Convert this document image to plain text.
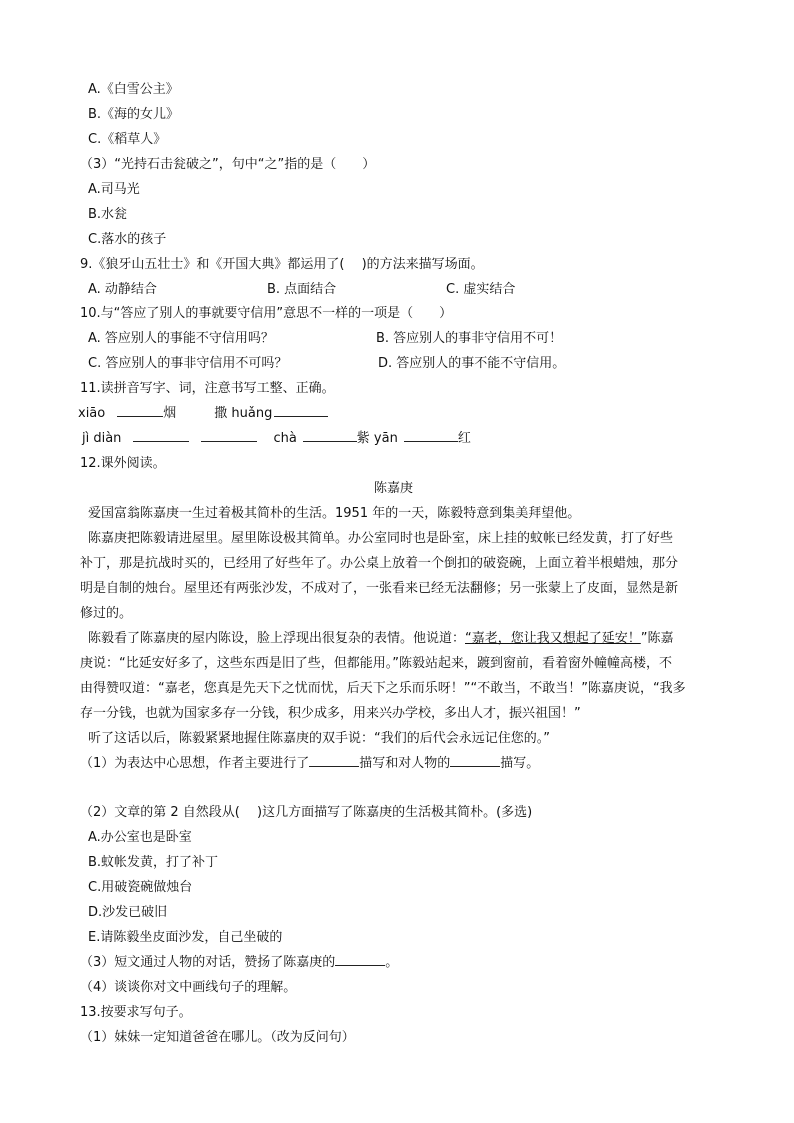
A.《白雪公主》
B.《海的女儿》
C.《稻草人》
（3）“光持石击瓮破之”，句中“之”指的是（　　）
A.司马光
B.水瓮
C.落水的孩子
9.《狼牙山五壮士》和《开国大典》都运用了(　 )的方法来描写场面。
A. 动静结合	B. 点面结合	C. 虚实结合
10.与“答应了别人的事就要守信用”意思不一样的一项是（　　）
A. 答应别人的事能不守信用吗？	B. 答应别人的事非守信用不可！
C. 答应别人的事非守信用不可吗？	D. 答应别人的事不能不守信用。
11.读拼音写字、词，注意书写工整、正确。
xiāo	烟	撒 huǎng
jì diàn	chà	紫 yān	红
12.课外阅读。
陈嘉庚
爱国富翁陈嘉庚一生过着极其简朴的生活。1951 年的一天，陈毅特意到集美拜望他。
陈嘉庚把陈毅请进屋里。屋里陈设极其简单。办公室同时也是卧室，床上挂的蚊帐已经发黄，打了好些
补丁，那是抗战时买的，已经用了好些年了。办公桌上放着一个倒扣的破瓷碗，上面立着半根蜡烛，那分
明是自制的烛台。屋里还有两张沙发，不成对了，一张看来已经无法翻修；另一张蒙上了皮面，显然是新
修过的。
陈毅看了陈嘉庚的屋内陈设，脸上浮现出很复杂的表情。他说道：“嘉老，您让我又想起了延安！”陈嘉
庚说：“比延安好多了，这些东西是旧了些，但都能用。”陈毅站起来，踱到窗前，看着窗外幢幢高楼，不
由得赞叹道：“嘉老，您真是先天下之忧而忧，后天下之乐而乐呀！”“不敢当，不敢当！”陈嘉庚说，“我多
存一分钱，也就为国家多存一分钱，积少成多，用来兴办学校，多出人才，振兴祖国！”
听了这话以后，陈毅紧紧地握住陈嘉庚的双手说：“我们的后代会永远记住您的。”
（1）为表达中心思想，作者主要进行了	描写和对人物的	描写。
（2）文章的第 2 自然段从(　 )这几方面描写了陈嘉庚的生活极其简朴。(多选)
A.办公室也是卧室
B.蚊帐发黄，打了补丁
C.用破瓷碗做烛台
D.沙发已破旧
E.请陈毅坐皮面沙发，自己坐破的
（3）短文通过人物的对话，赞扬了陈嘉庚的	。
（4）谈谈你对文中画线句子的理解。
13.按要求写句子。
（1）妹妹一定知道爸爸在哪儿。（改为反问句）
